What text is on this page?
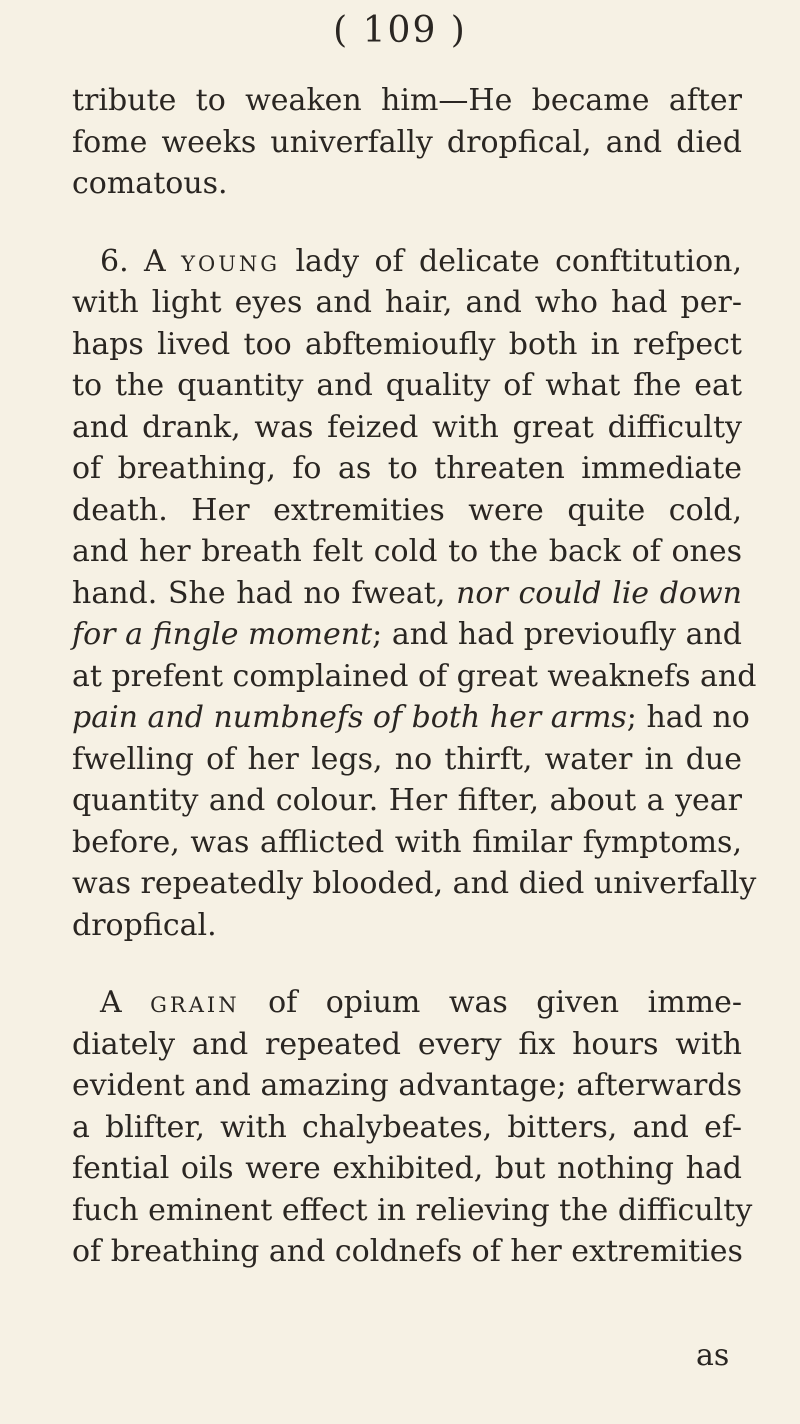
( 109 )
tribute to weaken him—He became after
fome weeks univerfally dropfical, and died
comatous.
6. A young lady of delicate conftitution,
with light eyes and hair, and who had per-
haps lived too abftemioufly both in refpect
to the quantity and quality of what fhe eat
and drank, was feized with great difficulty
of breathing, fo as to threaten immediate
death. Her extremities were quite cold,
and her breath felt cold to the back of ones
hand. She had no fweat, nor could lie down
for a fingle moment; and had previoufly and
at prefent complained of great weaknefs and
pain and numbnefs of both her arms; had no
fwelling of her legs, no thirft, water in due
quantity and colour. Her fifter, about a year
before, was afflicted with fimilar fymptoms,
was repeatedly blooded, and died univerfally
dropfical.
A grain of opium was given imme-
diately and repeated every fix hours with
evident and amazing advantage; afterwards
a blifter, with chalybeates, bitters, and ef-
fential oils were exhibited, but nothing had
fuch eminent effect in relieving the difficulty
of breathing and coldnefs of her extremities
as
